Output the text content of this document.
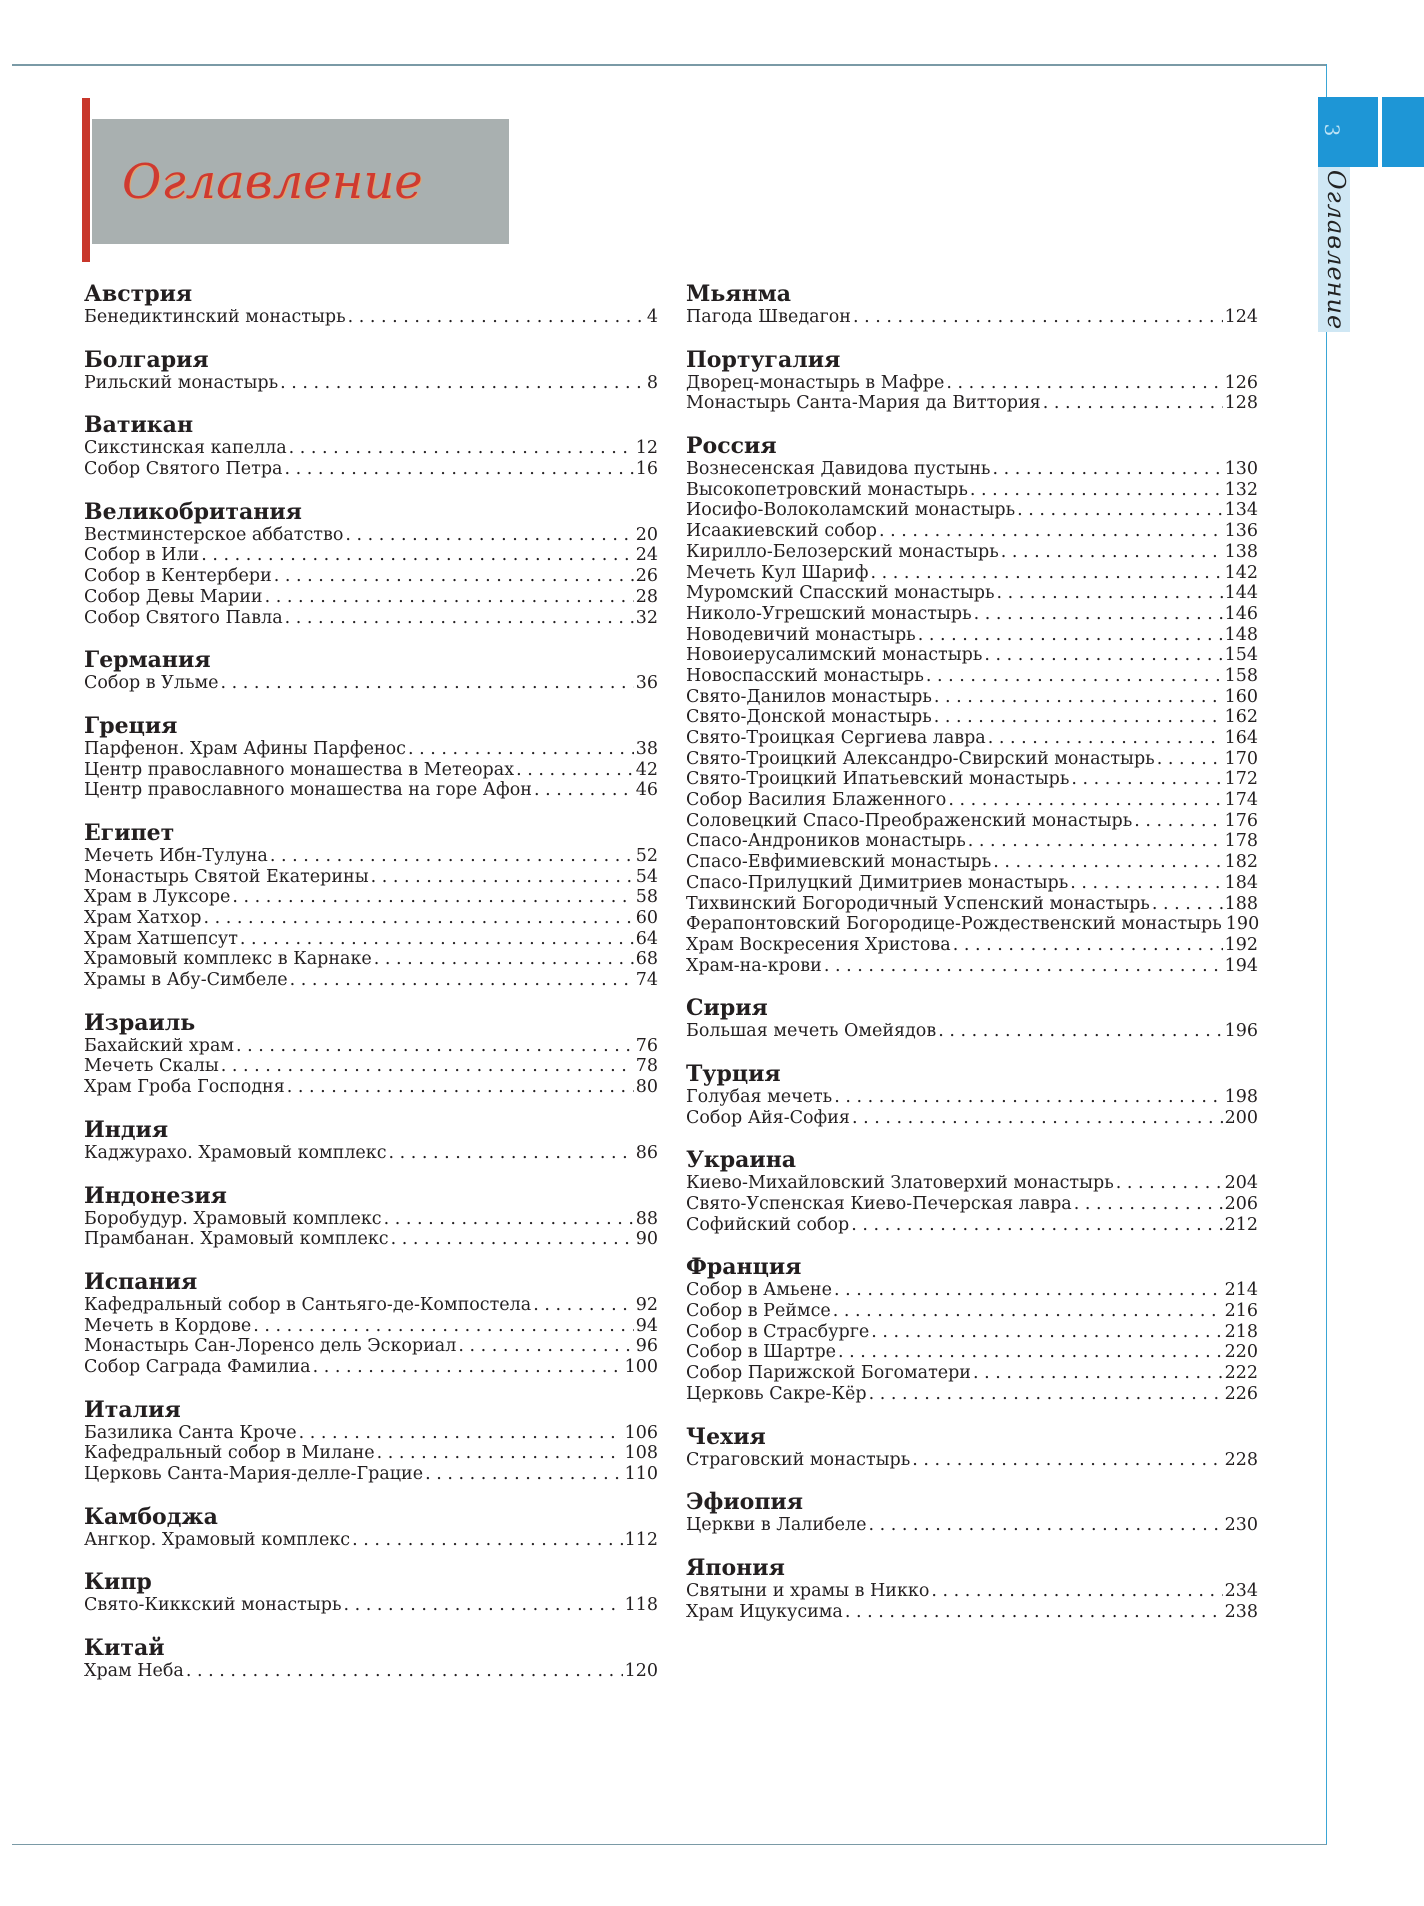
3
Оглавление
Оглавление
Австрия
Бенедиктинский монастырь . . .	4
Болгария
Рильский монастырь . . .	8
Ватикан
Сикстинская капелла . . .	12
Собор Святого Петра . . .	16
Великобритания
Вестминстерское аббатство . . .	20
Собор в Или . . .	24
Собор в Кентербери . . .	26
Собор Девы Марии . . .	28
Собор Святого Павла . . .	32
Германия
Собор в Ульме . . .	36
Греция
Парфенон. Храм Афины Парфенос . . .	38
Центр православного монашества в Метеорах . . .	42
Центр православного монашества на горе Афон . . .	46
Египет
Мечеть Ибн-Тулуна . . .	52
Монастырь Святой Екатерины . . .	54
Храм в Луксоре . . .	58
Храм Хатхор . . .	60
Храм Хатшепсут . . .	64
Храмовый комплекс в Карнаке . . .	68
Храмы в Абу-Симбеле . . .	74
Израиль
Бахайский храм . . .	76
Мечеть Скалы . . .	78
Храм Гроба Господня . . .	80
Индия
Каджурахо. Храмовый комплекс . . .	86
Индонезия
Боробудур. Храмовый комплекс . . .	88
Прамбанан. Храмовый комплекс . . .	90
Испания
Кафедральный собор в Сантьяго-де-Компостела . . .	92
Мечеть в Кордове . . .	94
Монастырь Сан-Лоренсо дель Эскориал . . .	96
Собор Саграда Фамилиа . . .	100
Италия
Базилика Санта Кроче . . .	106
Кафедральный собор в Милане . . .	108
Церковь Санта-Мария-делле-Грацие . . .	110
Камбоджа
Ангкор. Храмовый комплекс . . .	112
Кипр
Свято-Киккский монастырь . . .	118
Китай
Храм Неба . . .	120
Мьянма
Пагода Шведагон . . .	124
Португалия
Дворец-монастырь в Мафре . . .	126
Монастырь Санта-Мария да Виттория . . .	128
Россия
Вознесенская Давидова пустынь . . .	130
Высокопетровский монастырь . . .	132
Иосифо-Волоколамский монастырь . . .	134
Исаакиевский собор . . .	136
Кирилло-Белозерский монастырь . . .	138
Мечеть Кул Шариф . . .	142
Муромский Спасский монастырь . . .	144
Николо-Угрешский монастырь . . .	146
Новодевичий монастырь . . .	148
Новоиерусалимский монастырь . . .	154
Новоспасский монастырь . . .	158
Свято-Данилов монастырь . . .	160
Свято-Донской монастырь . . .	162
Свято-Троицкая Сергиева лавра . . .	164
Свято-Троицкий Александро-Свирский монастырь . . .	170
Свято-Троицкий Ипатьевский монастырь . . .	172
Собор Василия Блаженного . . .	174
Соловецкий Спасо-Преображенский монастырь . . .	176
Спасо-Андроников монастырь . . .	178
Спасо-Евфимиевский монастырь . . .	182
Спасо-Прилуцкий Димитриев монастырь . . .	184
Тихвинский Богородичный Успенский монастырь . . .	188
Ферапонтовский Богородице-Рождественский монастырь 190
Храм Воскресения Христова . . .	192
Храм-на-крови . . .	194
Сирия
Большая мечеть Омейядов . . .	196
Турция
Голубая мечеть . . .	198
Собор Айя-София . . .	200
Украина
Киево-Михайловский Златоверхий монастырь . . .	204
Свято-Успенская Киево-Печерская лавра . . .	206
Софийский собор . . .	212
Франция
Собор в Амьене . . .	214
Собор в Реймсе . . .	216
Собор в Страсбурге . . .	218
Собор в Шартре . . .	220
Собор Парижской Богоматери . . .	222
Церковь Сакре-Кёр . . .	226
Чехия
Страговский монастырь . . .	228
Эфиопия
Церкви в Лалибеле . . .	230
Япония
Святыни и храмы в Никко . . .	234
Храм Ицукусима . . .	238
